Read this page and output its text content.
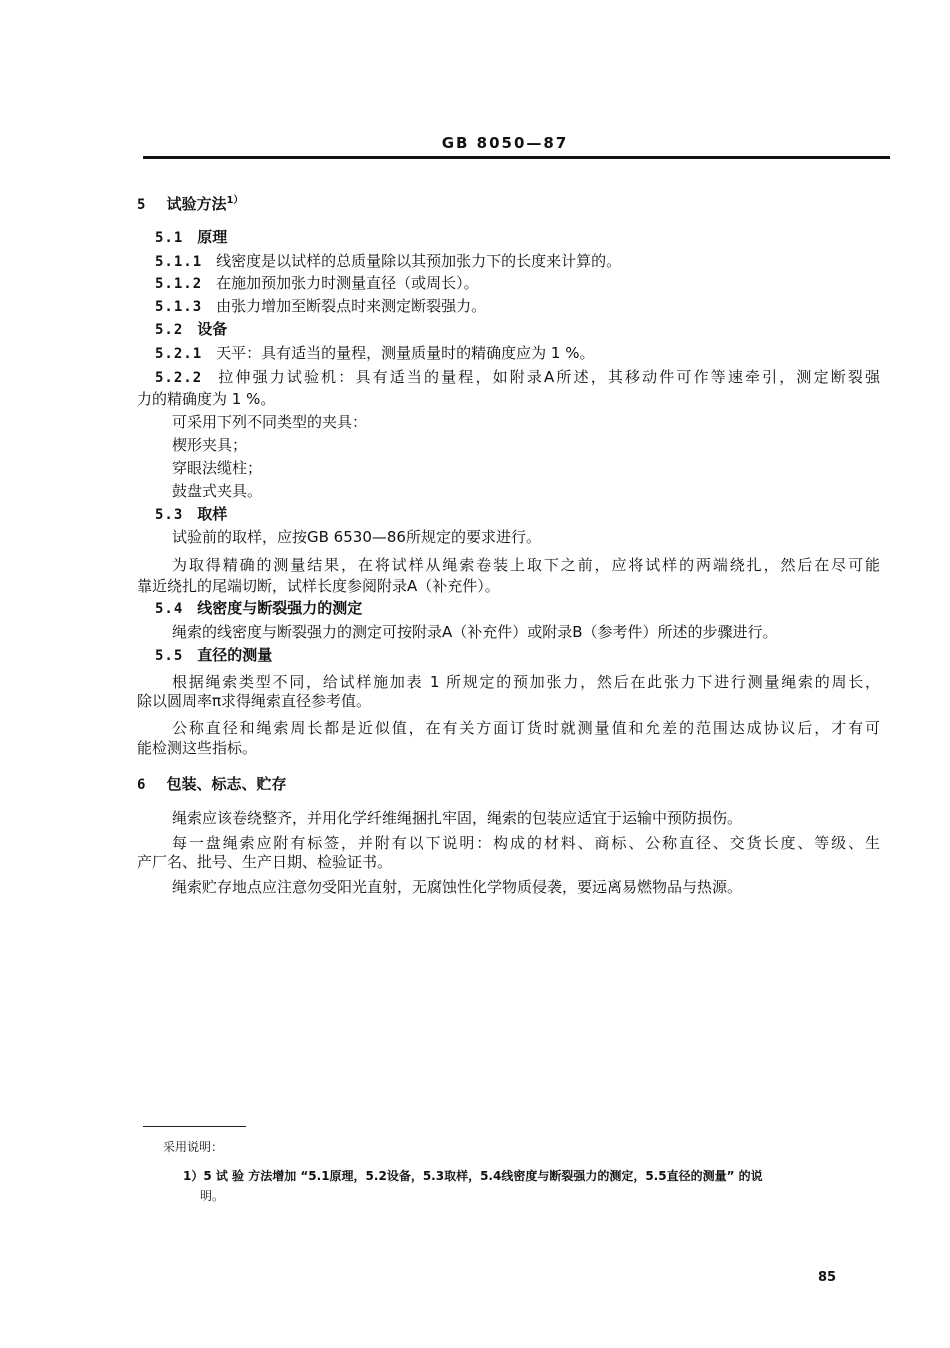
GB 8050—87
5 试验方法$^{1)}$
5.1 原理
5.1.1 线密度是以试样的总质量除以其预加张力下的长度来计算的。
5.1.2 在施加预加张力时测量直径（或周长）。
5.1.3 由张力增加至断裂点时来测定断裂强力。
5.2 设备
5.2.1 天平：具有适当的量程，测量质量时的精确度应为 1 %。
5.2.2 拉伸强力试验机：具有适当的量程，如附录A所述，其移动件可作等速牵引，测定断裂强
力的精确度为 1 %。
可采用下列不同类型的夹具：
楔形夹具；
穿眼法缆柱；
鼓盘式夹具。
5.3 取样
试验前的取样，应按GB 6530—86所规定的要求进行。
为取得精确的测量结果，在将试样从绳索卷装上取下之前，应将试样的两端绕扎，然后在尽可能
靠近绕扎的尾端切断，试样长度参阅附录A（补充件）。
5.4 线密度与断裂强力的测定
绳索的线密度与断裂强力的测定可按附录A（补充件）或附录B（参考件）所述的步骤进行。
5.5 直径的测量
根据绳索类型不同，给试样施加表 1 所规定的预加张力，然后在此张力下进行测量绳索的周长，
除以圆周率π求得绳索直径参考值。
公称直径和绳索周长都是近似值，在有关方面订货时就测量值和允差的范围达成协议后，才有可
能检测这些指标。
6 包装、标志、贮存
绳索应该卷绕整齐，并用化学纤维绳捆扎牢固，绳索的包装应适宜于运输中预防损伤。
每一盘绳索应附有标签，并附有以下说明：构成的材料、商标、公称直径、交货长度、等级、生
产厂名、批号、生产日期、检验证书。
绳索贮存地点应注意勿受阳光直射，无腐蚀性化学物质侵袭，要远离易燃物品与热源。
采用说明：
1）5 试 验 方法增加 “5.1原理，5.2设备，5.3取样，5.4线密度与断裂强力的测定，5.5直径的测量” 的说
明。
85
